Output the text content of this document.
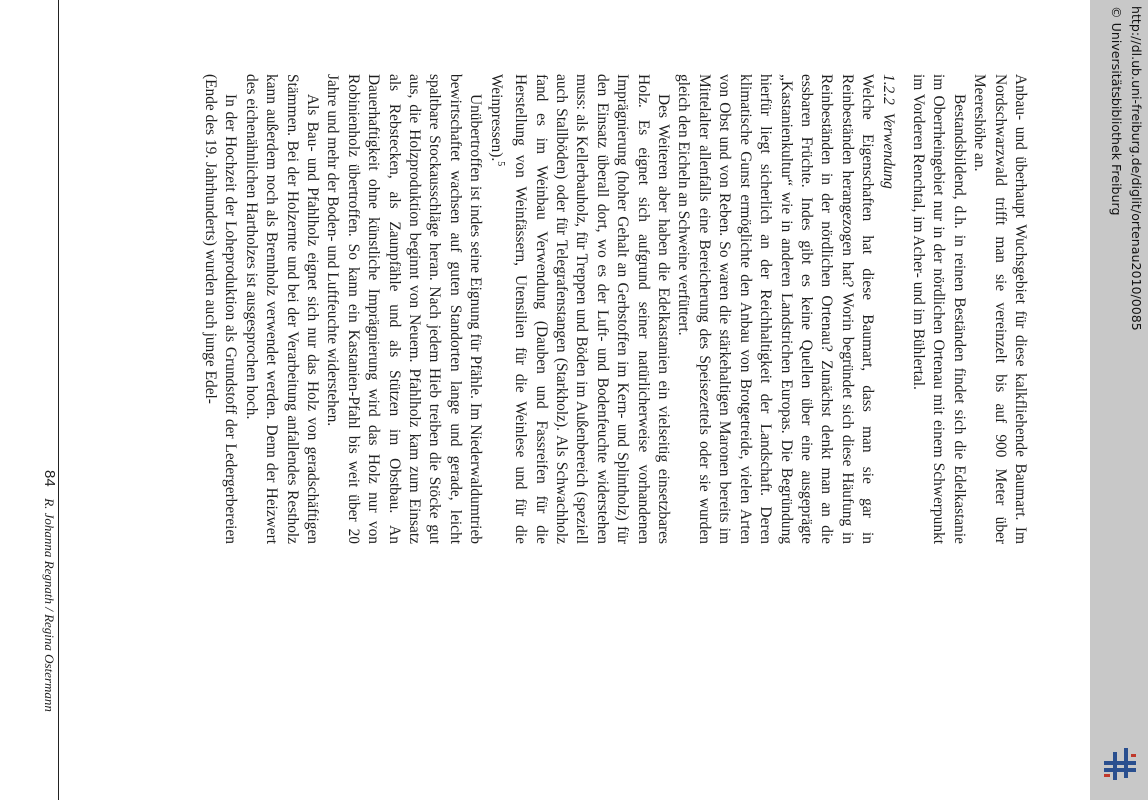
84 R. Johanna Regnath / Regina Ostermann

Anbau- und überhaupt Wuchsgebiet für diese kalkfliehende Baumart. Im Nordschwarzwald trifft man sie vereinzelt bis auf 900 Meter über Meereshöhe an.

Bestandsbildend, d.h. in reinen Beständen findet sich die Edelkastanie im Oberrheingebiet nur in der nördlichen Ortenau mit einem Schwerpunkt im Vorderen Renchtal, im Acher- und im Bühlertal.

1.2.2Verwendung

Welche Eigenschaften hat diese Baumart, dass man sie gar in Reinbeständen herangezogen hat? Worin begründet sich diese Häufung in Reinbeständen in der nördlichen Ortenau? Zunächst denkt man an die essbaren Früchte. Indes gibt es keine Quellen über eine ausgeprägte „Kastanienkultur“ wie in anderen Landstrichen Europas. Die Begründung hierfür liegt sicherlich an der Reichhaltigkeit der Landschaft. Deren klimatische Gunst ermöglichte den Anbau von Brotgetreide, vielen Arten von Obst und von Reben. So waren die stärkehaltigen Maronen bereits im Mittelalter allenfalls eine Bereicherung des Speisezettels oder sie wurden gleich den Eicheln an Schweine verfüttert.

Des Weiteren aber haben die Edelkastanien ein vielseitig einsetzbares Holz. Es eignet sich aufgrund seiner natürlicherweise vorhandenen Imprägnierung (hoher Gehalt an Gerbstoffen im Kern- und Splintholz) für den Einsatz überall dort, wo es der Luft- und Bodenfeuchte widerstehen muss: als Kellerbauholz, für Treppen und Böden im Außenbereich (speziell auch Stallböden) oder für Telegrafenstangen (Starkholz). Als Schwachholz fand es im Weinbau Verwendung (Dauben und Fassreifen für die Herstellung von Weinfässern, Utensilien für die Weinlese und für die Weinpressen).$^5$

Unübertroffen ist indes seine Eignung für Pfähle. Im Niederwaldumtrieb bewirtschaftet wachsen auf guten Standorten lange und gerade, leicht spaltbare Stockausschläge heran. Nach jedem Hieb treiben die Stöcke gut aus, die Holzproduktion beginnt von Neuem. Pfahlholz kam zum Einsatz als Rebstecken, als Zaunpfähle und als Stützen im Obstbau. An Dauerhaftigkeit ohne künstliche Imprägnierung wird das Holz nur von Robinienholz übertroffen. So kann ein Kastanien-Pfahl bis weit über 20 Jahre und mehr der Boden- und Luftfeuchte widerstehen.

Als Bau- und Pfahlholz eignet sich nur das Holz von geradschäftigen Stämmen. Bei der Holzernte und bei der Verarbeitung anfallendes Restholz kann außerdem noch als Brennholz verwendet werden. Denn der Heizwert des eichenähnlichen Hartholzes ist ausgesprochen hoch.

In der Hochzeit der Loheproduktion als Grundstoff der Ledergerbereien (Ende des 19. Jahrhunderts) wurden auch junge Edel-	http://dl.ub.uni-freiburg.de/diglit/ortenau2010/0085
© Universitätsbibliothek Freiburg
